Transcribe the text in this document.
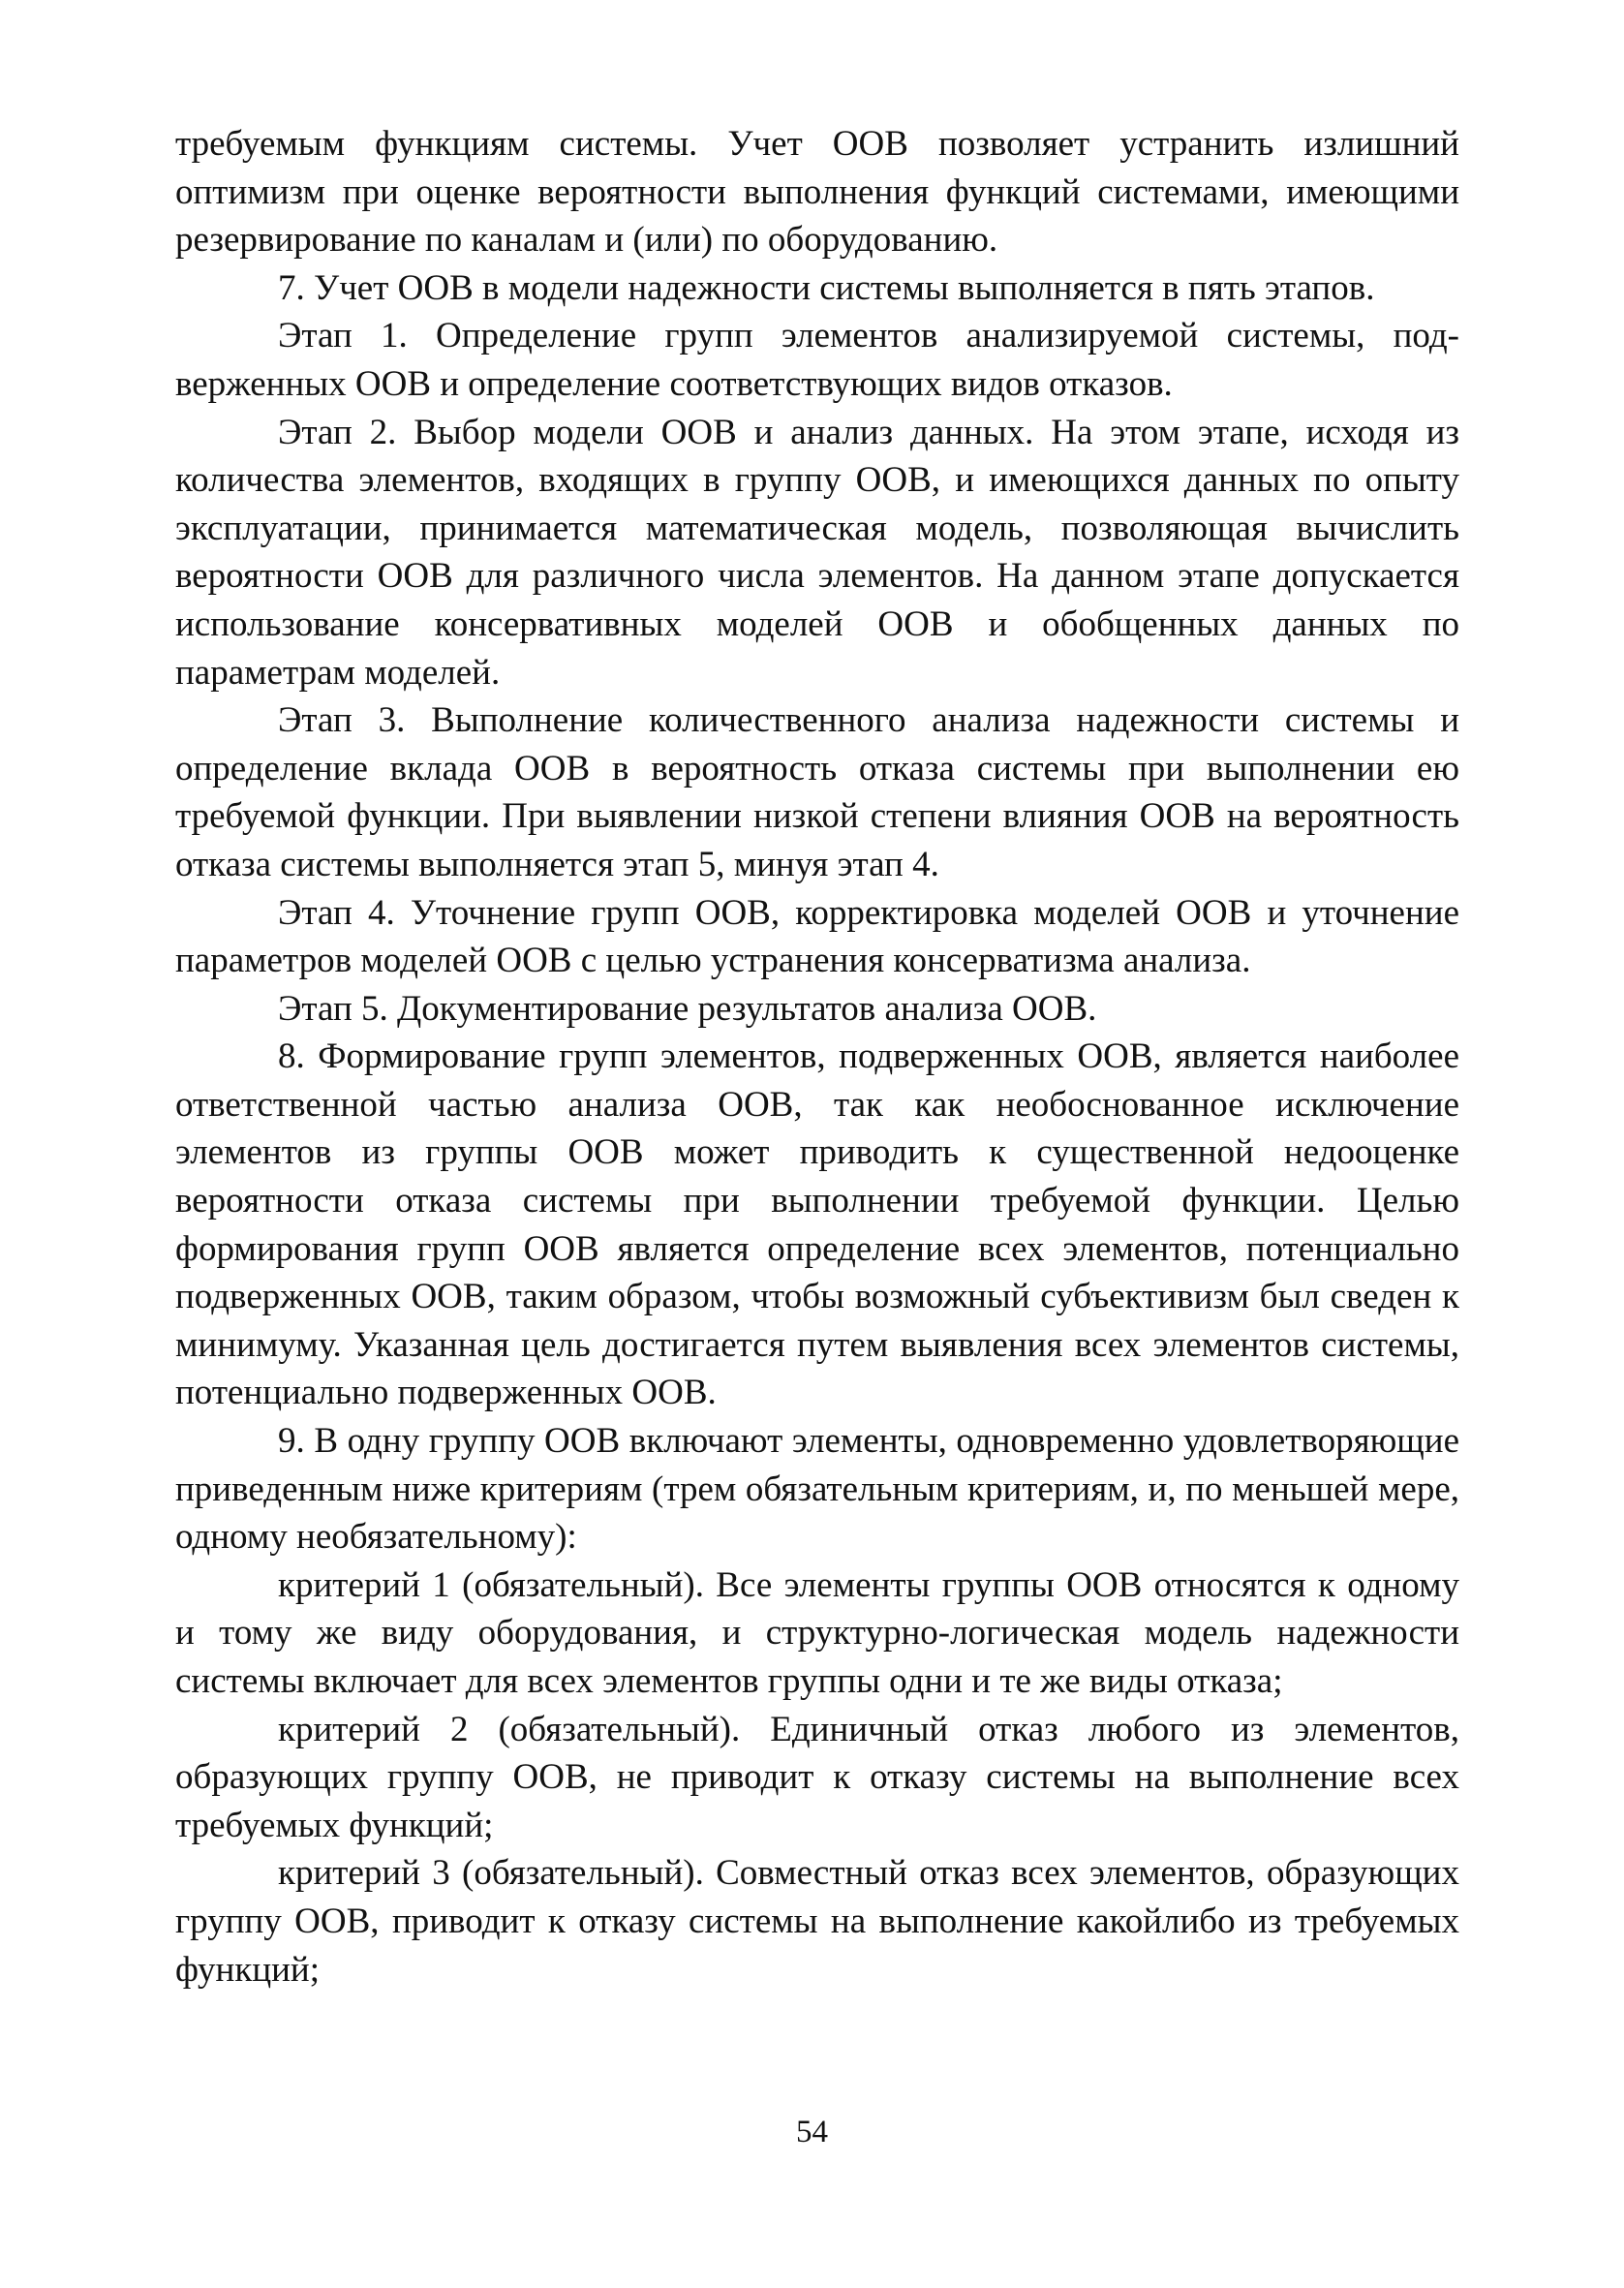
требуемым функциям системы. Учет ООВ позволяет устранить излишний оптимизм при оценке вероятности выполнения функций системами, имеющими резервирование по каналам и (или) по оборудованию.

7. Учет ООВ в модели надежности системы выполняется в пять этапов.

Этап 1. Определение групп элементов анализируемой системы, подверженных ООВ и определение соответствующих видов отказов.

Этап 2. Выбор модели ООВ и анализ данных. На этом этапе, исходя из количества элементов, входящих в группу ООВ, и имеющихся данных по опыту эксплуатации, принимается математическая модель, позволяющая вычислить вероятности ООВ для различного числа элементов. На данном этапе допускается использование консервативных моделей ООВ и обобщенных данных по параметрам моделей.

Этап 3. Выполнение количественного анализа надежности системы и определение вклада ООВ в вероятность отказа системы при выполнении ею требуемой функции. При выявлении низкой степени влияния ООВ на вероятность отказа системы выполняется этап 5, минуя этап 4.

Этап 4. Уточнение групп ООВ, корректировка моделей ООВ и уточнение параметров моделей ООВ с целью устранения консерватизма анализа.

Этап 5. Документирование результатов анализа ООВ.

8. Формирование групп элементов, подверженных ООВ, является наиболее ответственной частью анализа ООВ, так как необоснованное исключение элементов из группы ООВ может приводить к существенной недооценке вероятности отказа системы при выполнении требуемой функции. Целью формирования групп ООВ является определение всех элементов, потенциально подверженных ООВ, таким образом, чтобы возможный субъективизм был сведен к минимуму. Указанная цель достигается путем выявления всех элементов системы, потенциально подверженных ООВ.

9. В одну группу ООВ включают элементы, одновременно удовлетворяющие приведенным ниже критериям (трем обязательным критериям, и, по меньшей мере, одному необязательному):

критерий 1 (обязательный). Все элементы группы ООВ относятся к одному и тому же виду оборудования, и структурно-логическая модель надежности системы включает для всех элементов группы одни и те же виды отказа;

критерий 2 (обязательный). Единичный отказ любого из элементов, образующих группу ООВ, не приводит к отказу системы на выполнение всех требуемых функций;

критерий 3 (обязательный). Совместный отказ всех элементов, образующих группу ООВ, приводит к отказу системы на выполнение какойлибо из требуемых функций;

54
